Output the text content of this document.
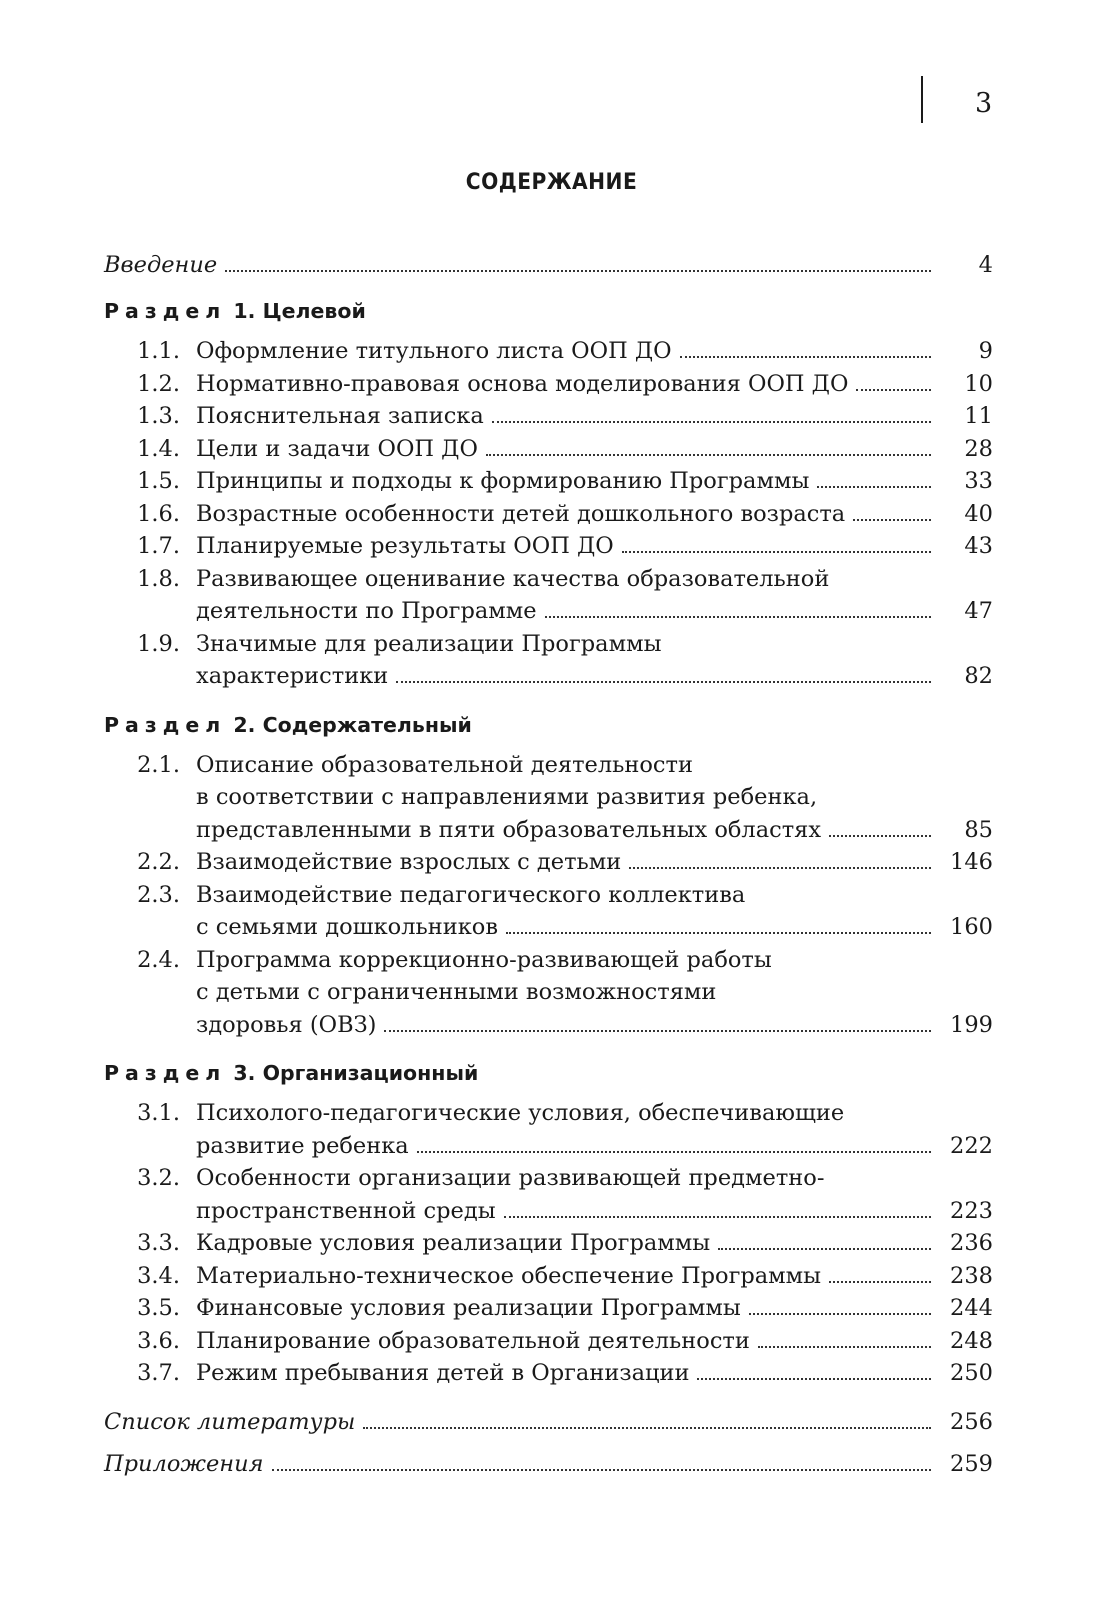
3
СОДЕРЖАНИЕ
Введение	4
Раздел 1. Целевой
1.1. Оформление титульного листа ООП ДО	9
1.2. Нормативно-правовая основа моделирования ООП ДО	10
1.3. Пояснительная записка	11
1.4. Цели и задачи ООП ДО	28
1.5. Принципы и подходы к формированию Программы	33
1.6. Возрастные особенности детей дошкольного возраста	40
1.7. Планируемые результаты ООП ДО	43
1.8. Развивающее оценивание качества образовательной
деятельности по Программе	47
1.9. Значимые для реализации Программы
характеристики	82
Раздел 2. Содержательный
2.1. Описание образовательной деятельности
в соответствии с направлениями развития ребенка,
представленными в пяти образовательных областях	85
2.2. Взаимодействие взрослых с детьми	146
2.3. Взаимодействие педагогического коллектива
с семьями дошкольников	160
2.4. Программа коррекционно-развивающей работы
с детьми с ограниченными возможностями
здоровья (ОВЗ)	199
Раздел 3. Организационный
3.1. Психолого-педагогические условия, обеспечивающие
развитие ребенка	222
3.2. Особенности организации развивающей предметно-
пространственной среды	223
3.3. Кадровые условия реализации Программы	236
3.4. Материально-техническое обеспечение Программы	238
3.5. Финансовые условия реализации Программы	244
3.6. Планирование образовательной деятельности	248
3.7. Режим пребывания детей в Организации	250
Список литературы	256
Приложения	259
